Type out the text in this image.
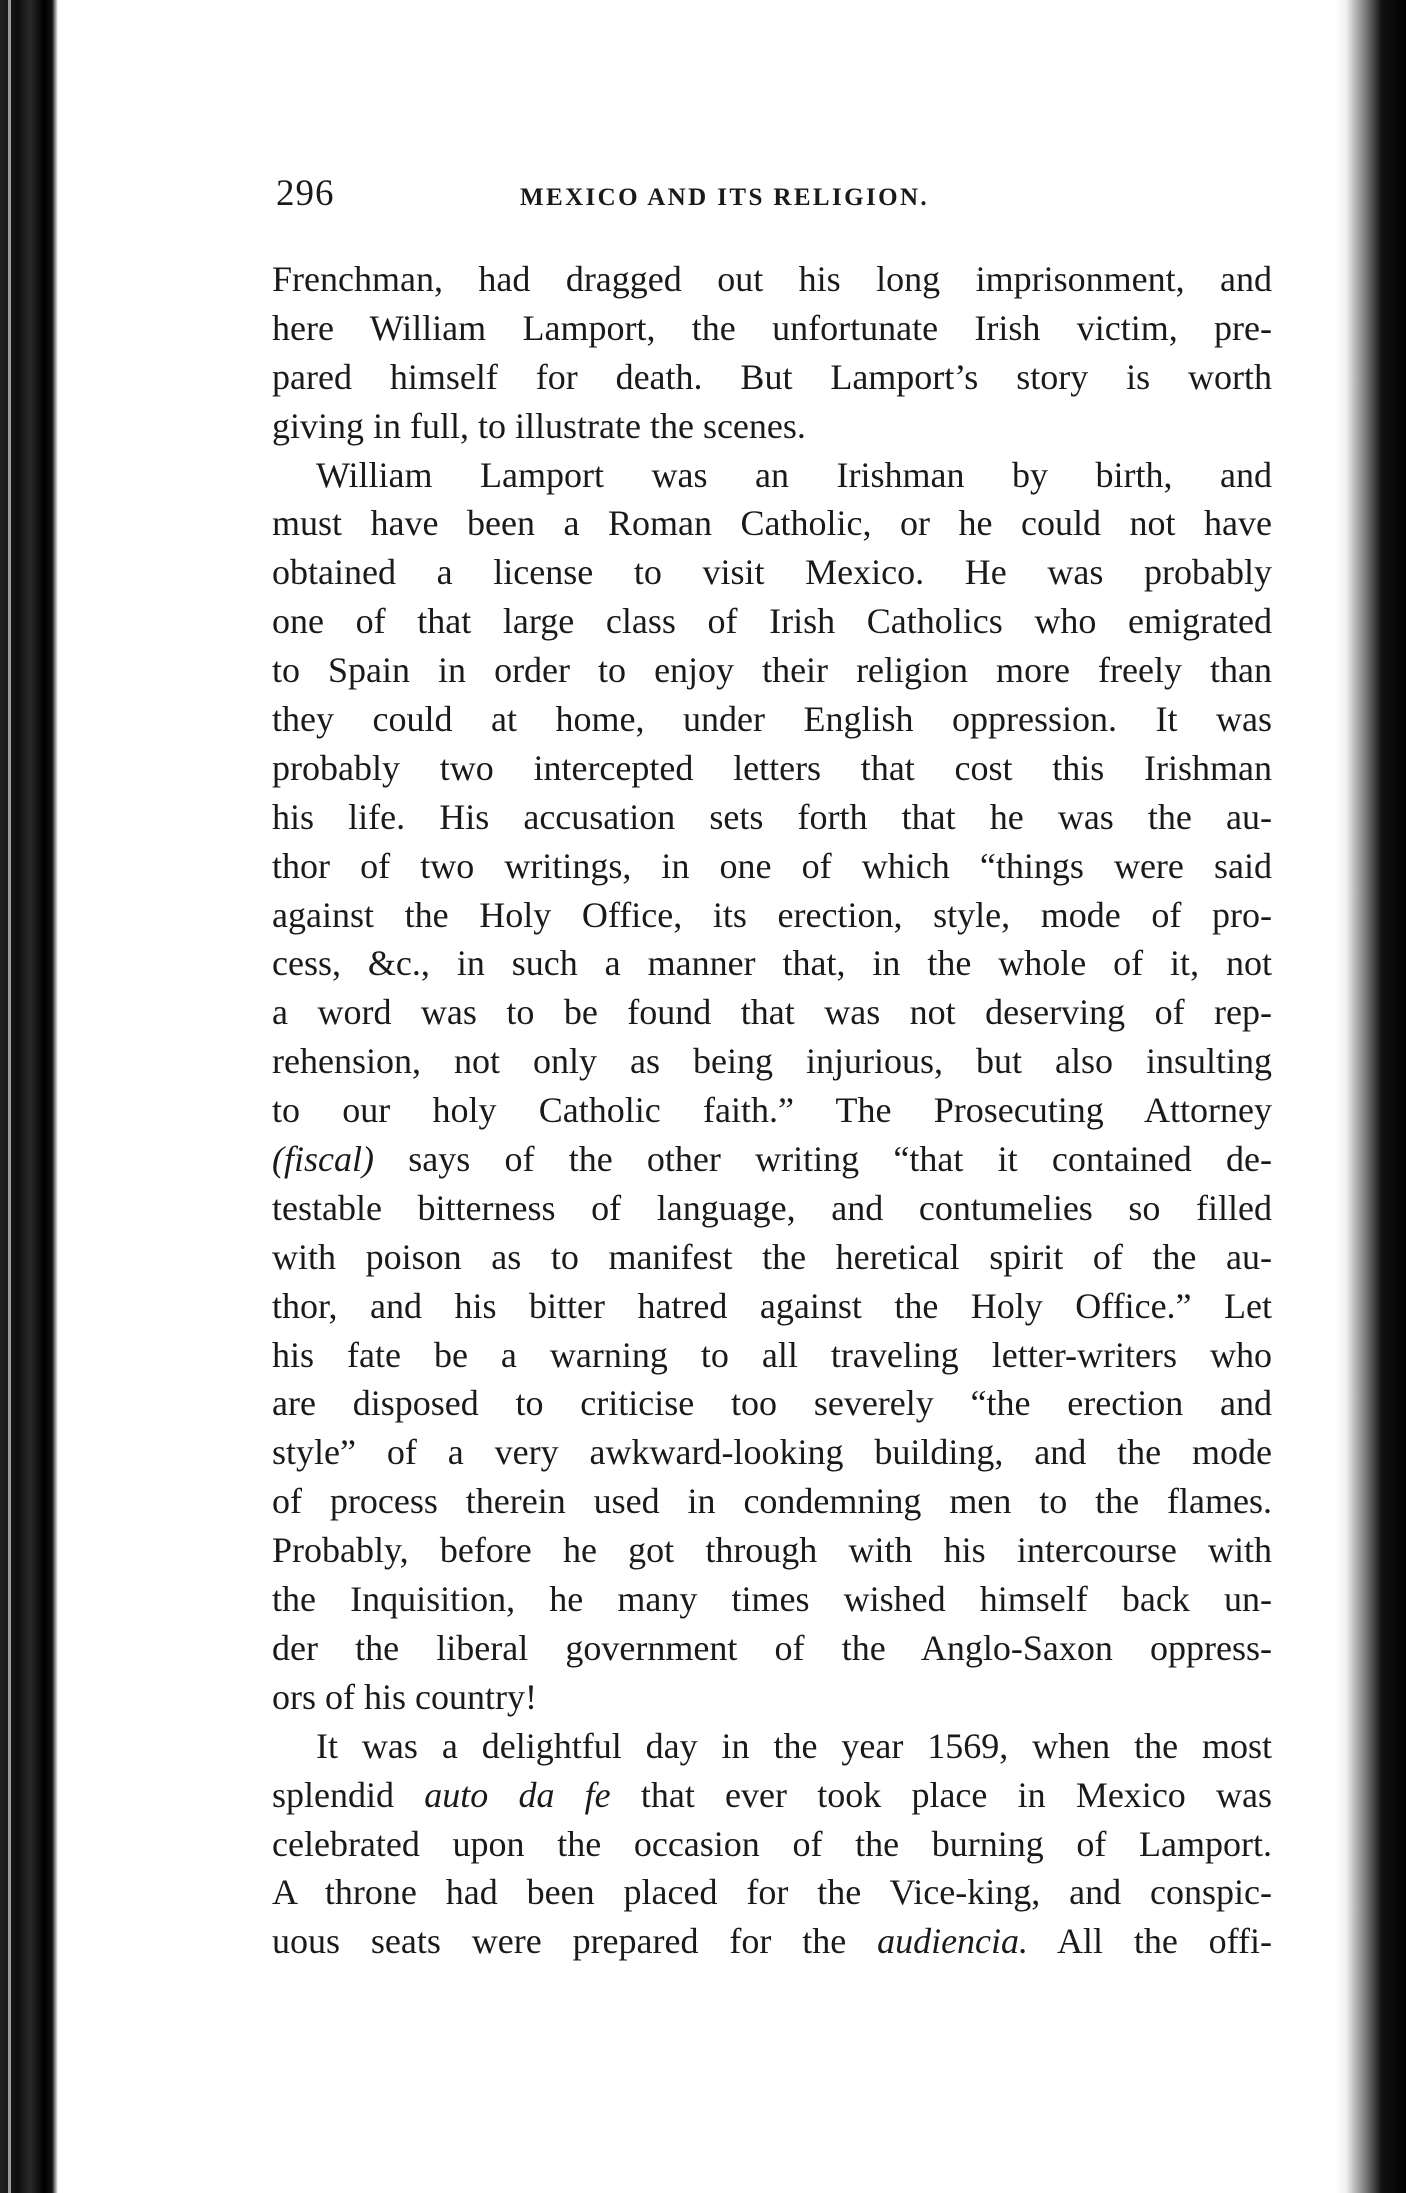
296	MEXICO AND ITS RELIGION.
Frenchman, had dragged out his long imprisonment, and
here William Lamport, the unfortunate Irish victim, pre-
pared himself for death. But Lamport’s story is worth
giving in full, to illustrate the scenes.
William Lamport was an Irishman by birth, and
must have been a Roman Catholic, or he could not have
obtained a license to visit Mexico. He was probably
one of that large class of Irish Catholics who emigrated
to Spain in order to enjoy their religion more freely than
they could at home, under English oppression. It was
probably two intercepted letters that cost this Irishman
his life. His accusation sets forth that he was the au-
thor of two writings, in one of which “things were said
against the Holy Office, its erection, style, mode of pro-
cess, &c., in such a manner that, in the whole of it, not
a word was to be found that was not deserving of rep-
rehension, not only as being injurious, but also insulting
to our holy Catholic faith.” The Prosecuting Attorney
(fiscal) says of the other writing “that it contained de-
testable bitterness of language, and contumelies so filled
with poison as to manifest the heretical spirit of the au-
thor, and his bitter hatred against the Holy Office.” Let
his fate be a warning to all traveling letter-writers who
are disposed to criticise too severely “the erection and
style” of a very awkward-looking building, and the mode
of process therein used in condemning men to the flames.
Probably, before he got through with his intercourse with
the Inquisition, he many times wished himself back un-
der the liberal government of the Anglo-Saxon oppress-
ors of his country!
It was a delightful day in the year 1569, when the most
splendid auto da fe that ever took place in Mexico was
celebrated upon the occasion of the burning of Lamport.
A throne had been placed for the Vice-king, and conspic-
uous seats were prepared for the audiencia. All the offi-
